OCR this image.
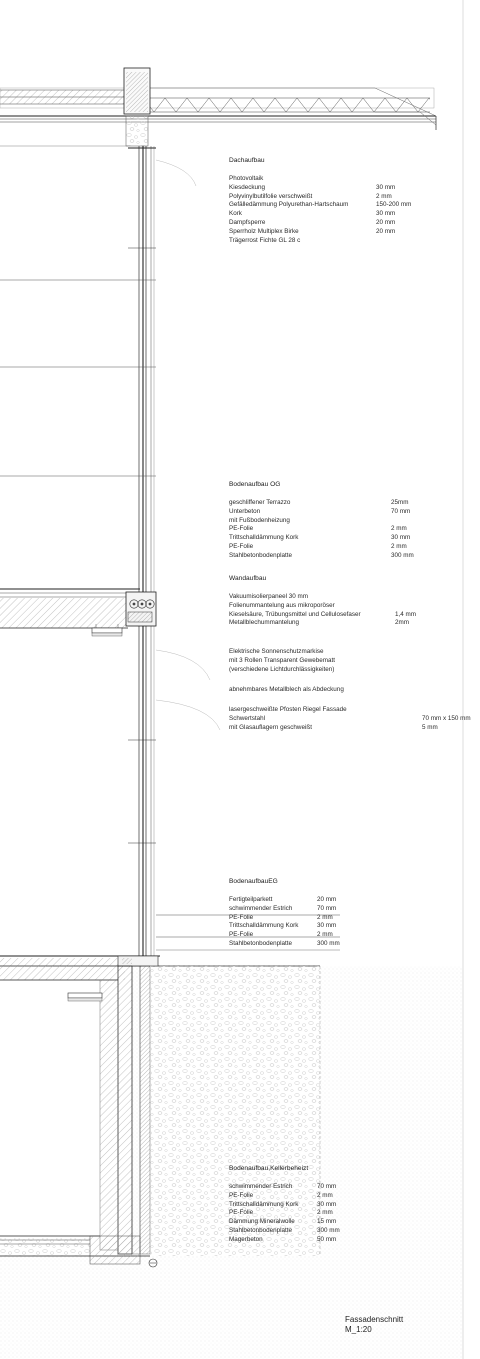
Dachaufbau
Photovoltaik
Kiesdeckung	30 mm
Polyvinylbutilfolie verschweißt	2 mm
Gefälledämmung Polyurethan-Hartschaum	150-200 mm
Kork	30 mm
Dampfsperre	20 mm
Sperrholz Multiplex Birke	20 mm
Trägerrost Fichte GL 28 c
Bodenaufbau OG
geschliffener Terrazzo	25mm
Unterbeton	70 mm
mit Fußbodenheizung
PE-Folie	2 mm
Trittschalldämmung Kork	30 mm
PE-Folie	2 mm
Stahlbetonbodenplatte	300 mm
Wandaufbau
Vakuumisolierpaneel 30 mm
Folienummantelung aus mikroporöser
Kieselsäure, Trübungsmittel und Cellulosefaser	1,4 mm
Metallblechummantelung	2mm
Elektrische Sonnenschutzmarkise
mit 3 Rollen Transparent Gewebematt
(verschiedene Lichtdurchlässigkeiten)
abnehmbares Metallblech als Abdeckung
lasergeschweißte Pfosten Riegel Fassade
Schwertstahl	70 mm x 150 mm
mit Glasauflagern geschweißt	5 mm
BodenaufbauEG
Fertigteilparkett	20 mm
schwimmender Estrich	70 mm
PE-Folie	2 mm
Trittschalldämmung Kork	30 mm
PE-Folie	2 mm
Stahlbetonbodenplatte	300 mm
Bodenaufbau,Kellerbeheizt
schwimmender Estrich	70 mm
PE-Folie	2 mm
Trittschalldämmung Kork	30 mm
PE-Folie	2 mm
Dämmung Mineralwolle	15 mm
Stahlbetonbodenplatte	300 mm
Magerbeton	50 mm
Fassadenschnitt
M_1:20
